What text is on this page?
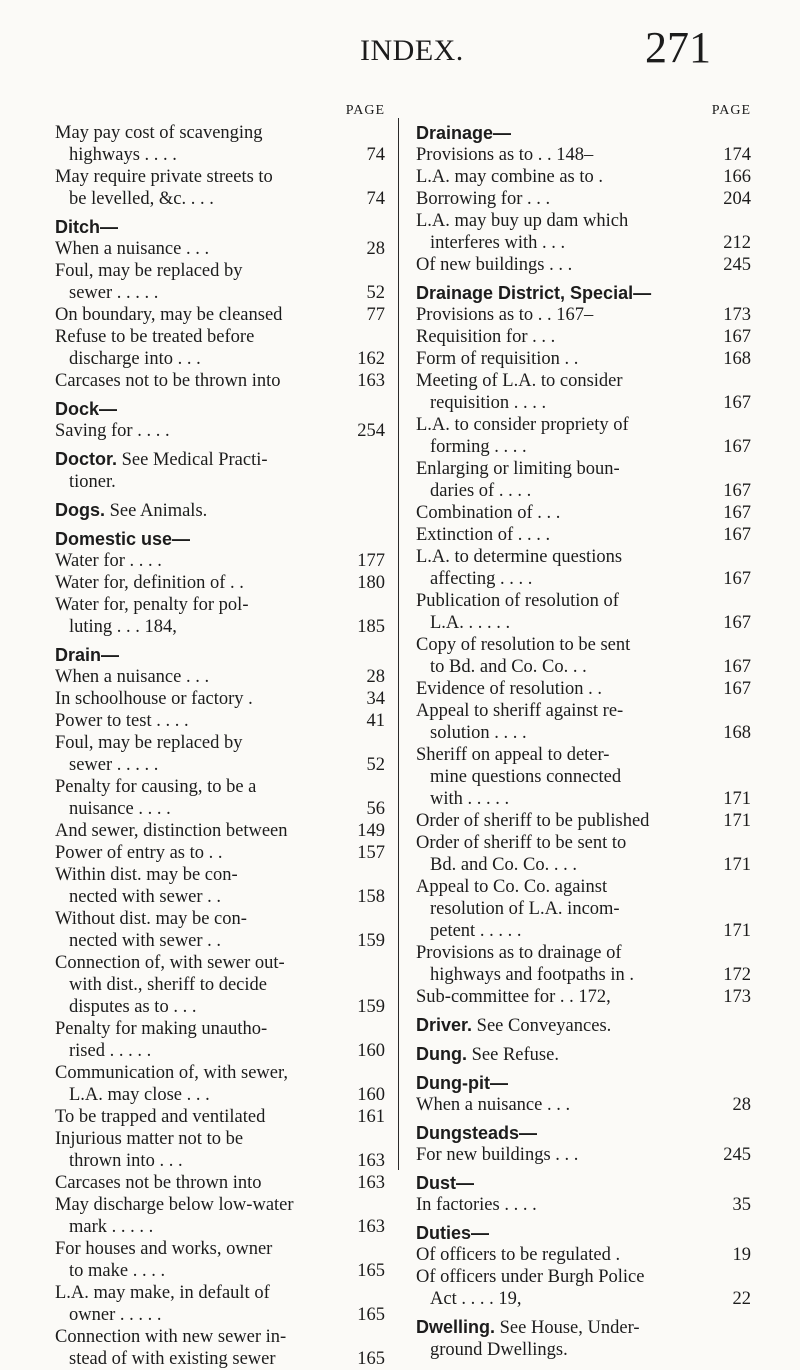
INDEX.	271
PAGE
May pay cost of scavenging
highways . . . .	74
May require private streets to
be levelled, &c. . . .	74
Ditch—
When a nuisance . . .	28
Foul, may be replaced by
sewer . . . . .	52
On boundary, may be cleansed	77
Refuse to be treated before
discharge into . . .	162
Carcases not to be thrown into	163
Dock—
Saving for . . . .	254
Doctor. See Medical Practi-
tioner.
Dogs. See Animals.
Domestic use—
Water for . . . .	177
Water for, definition of . .	180
Water for, penalty for pol-
luting . . . 184,	185
Drain—
When a nuisance . . .	28
In schoolhouse or factory .	34
Power to test . . . .	41
Foul, may be replaced by
sewer . . . . .	52
Penalty for causing, to be a
nuisance . . . .	56
And sewer, distinction between	149
Power of entry as to . .	157
Within dist. may be con-
nected with sewer . .	158
Without dist. may be con-
nected with sewer . .	159
Connection of, with sewer out-
with dist., sheriff to decide
disputes as to . . .	159
Penalty for making unautho-
rised . . . . .	160
Communication of, with sewer,
L.A. may close . . .	160
To be trapped and ventilated	161
Injurious matter not to be
thrown into . . .	163
Carcases not be thrown into	163
May discharge below low-water
mark . . . . .	163
For houses and works, owner
to make . . . .	165
L.A. may make, in default of
owner . . . . .	165
Connection with new sewer in-
stead of with existing sewer	165
PAGE
Drainage—
Provisions as to . . 148–	174
L.A. may combine as to .	166
Borrowing for . . .	204
L.A. may buy up dam which
interferes with . . .	212
Of new buildings . . .	245
Drainage District, Special—
Provisions as to . . 167–	173
Requisition for . . .	167
Form of requisition . .	168
Meeting of L.A. to consider
requisition . . . .	167
L.A. to consider propriety of
forming . . . .	167
Enlarging or limiting boun-
daries of . . . .	167
Combination of . . .	167
Extinction of . . . .	167
L.A. to determine questions
affecting . . . .	167
Publication of resolution of
L.A. . . . . .	167
Copy of resolution to be sent
to Bd. and Co. Co. . .	167
Evidence of resolution . .	167
Appeal to sheriff against re-
solution . . . .	168
Sheriff on appeal to deter-
mine questions connected
with . . . . .	171
Order of sheriff to be published	171
Order of sheriff to be sent to
Bd. and Co. Co. . . .	171
Appeal to Co. Co. against
resolution of L.A. incom-
petent . . . . .	171
Provisions as to drainage of
highways and footpaths in .	172
Sub-committee for . . 172,	173
Driver. See Conveyances.
Dung. See Refuse.
Dung-pit—
When a nuisance . . .	28
Dungsteads—
For new buildings . . .	245
Dust—
In factories . . . .	35
Duties—
Of officers to be regulated .	19
Of officers under Burgh Police
Act . . . . 19,	22
Dwelling. See House, Under-
ground Dwellings.
